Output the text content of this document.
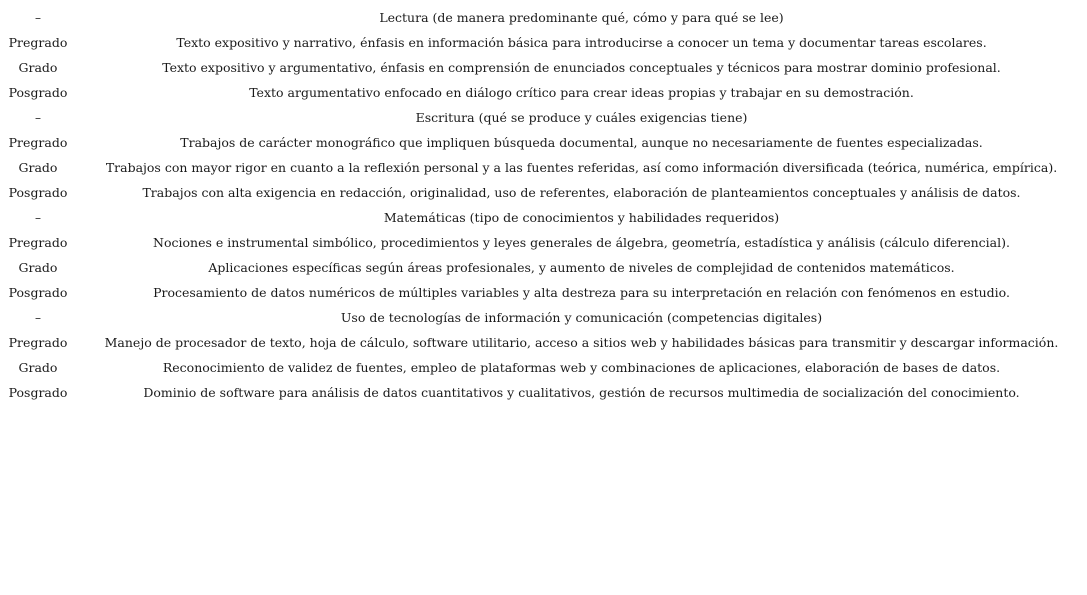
–	Lectura (de manera predominante qué, cómo y para qué se lee)
Pregrado	Texto expositivo y narrativo, énfasis en información básica para introducirse a conocer un tema y documentar tareas escolares.
Grado	Texto expositivo y argumentativo, énfasis en comprensión de enunciados conceptuales y técnicos para mostrar dominio profesional.
Posgrado	Texto argumentativo enfocado en diálogo crítico para crear ideas propias y trabajar en su demostración.
–	Escritura (qué se produce y cuáles exigencias tiene)
Pregrado	Trabajos de carácter monográfico que impliquen búsqueda documental, aunque no necesariamente de fuentes especializadas.
Grado	Trabajos con mayor rigor en cuanto a la reflexión personal y a las fuentes referidas, así como información diversificada (teórica, numérica, empírica).
Posgrado	Trabajos con alta exigencia en redacción, originalidad, uso de referentes, elaboración de planteamientos conceptuales y análisis de datos.
–	Matemáticas (tipo de conocimientos y habilidades requeridos)
Pregrado	Nociones e instrumental simbólico, procedimientos y leyes generales de álgebra, geometría, estadística y análisis (cálculo diferencial).
Grado	Aplicaciones específicas según áreas profesionales, y aumento de niveles de complejidad de contenidos matemáticos.
Posgrado	Procesamiento de datos numéricos de múltiples variables y alta destreza para su interpretación en relación con fenómenos en estudio.
–	Uso de tecnologías de información y comunicación (competencias digitales)
Pregrado	Manejo de procesador de texto, hoja de cálculo, software utilitario, acceso a sitios web y habilidades básicas para transmitir y descargar información.
Grado	Reconocimiento de validez de fuentes, empleo de plataformas web y combinaciones de aplicaciones, elaboración de bases de datos.
Posgrado	Dominio de software para análisis de datos cuantitativos y cualitativos, gestión de recursos multimedia de socialización del conocimiento.
